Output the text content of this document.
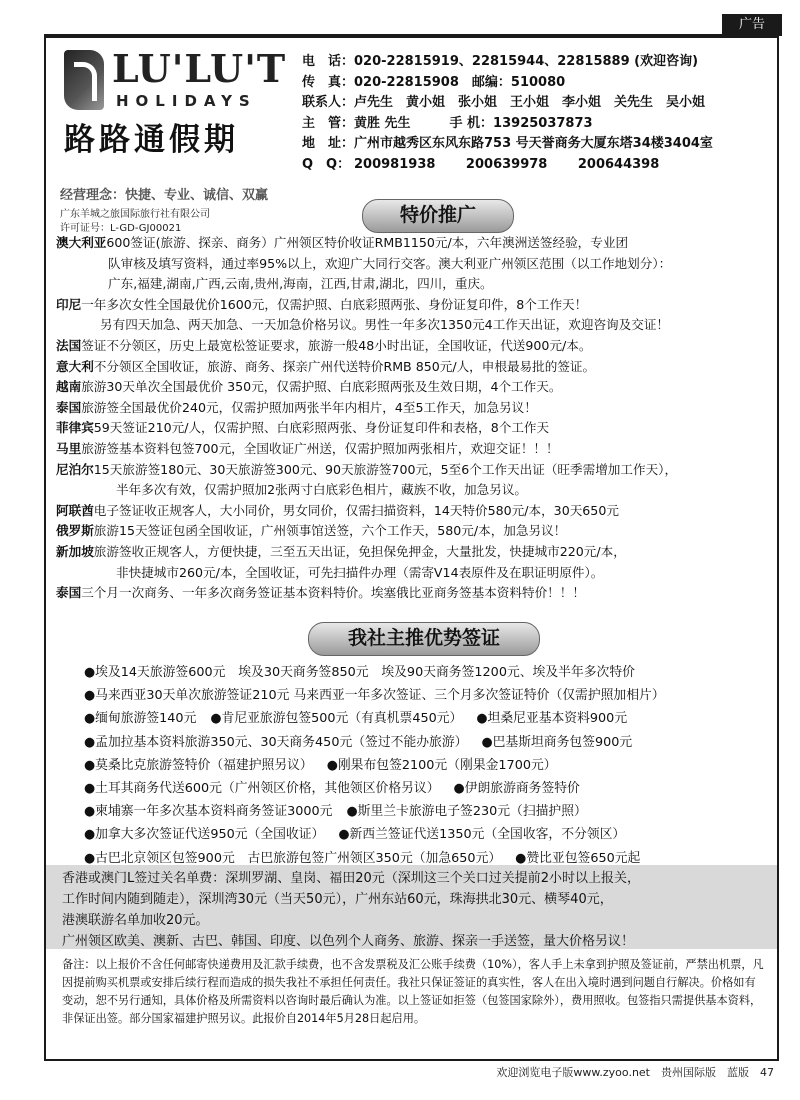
广告
LU'LU'T
HOLIDAYS
路路通假期
经营理念：快捷、专业、诚信、双赢
广东羊城之旅国际旅行社有限公司
许可证号：L-GD-GJ00021
电　话：020-22815919、22815944、22815889 (欢迎咨询)
传　真：020-22815908　邮编：510080
联系人：卢先生　黄小姐　张小姐　王小姐　李小姐　关先生　吴小姐
主　管：黄胜 先生　　　手 机：13925037873
地　址：广州市越秀区东风东路753 号天誉商务大厦东塔34楼3404室
Q　Q： 200981938　　 200639978　　 200644398
特价推广
澳大利亚600签证(旅游、探亲、商务）广州领区特价收证RMB1150元/本，六年澳洲送签经验，专业团
队审核及填写资料，通过率95%以上，欢迎广大同行交客。澳大利亚广州领区范围（以工作地划分）：
广东,福建,湖南,广西,云南,贵州,海南，江西,甘肃,湖北，四川，重庆。
印尼一年多次女性全国最优价1600元，仅需护照、白底彩照两张、身份证复印件，8个工作天！
另有四天加急、两天加急、一天加急价格另议。男性一年多次1350元4工作天出证，欢迎咨询及交证！
法国签证不分领区，历史上最宽松签证要求，旅游一般48小时出证，全国收证，代送900元/本。
意大利不分领区全国收证，旅游、商务、探亲广州代送特价RMB 850元/人，申根最易批的签证。
越南旅游30天单次全国最优价 350元，仅需护照、白底彩照两张及生效日期，4个工作天。
泰国旅游签全国最优价240元，仅需护照加两张半年内相片，4至5工作天，加急另议！
菲律宾59天签证210元/人，仅需护照、白底彩照两张、身份证复印件和表格，8个工作天
马里旅游签基本资料包签700元，全国收证广州送，仅需护照加两张相片，欢迎交证！！！
尼泊尔15天旅游签180元、30天旅游签300元、90天旅游签700元，5至6个工作天出证（旺季需增加工作天），
半年多次有效，仅需护照加2张两寸白底彩色相片，藏族不收，加急另议。
阿联酋电子签证收正规客人，大小同价，男女同价，仅需扫描资料，14天特价580元/本，30天650元
俄罗斯旅游15天签证包函全国收证，广州领事馆送签，六个工作天，580元/本，加急另议！
新加坡旅游签收正规客人，方便快捷，三至五天出证，免担保免押金，大量批发，快捷城市220元/本，
非快捷城市260元/本，全国收证，可先扫描件办理（需寄V14表原件及在职证明原件）。
泰国三个月一次商务、一年多次商务签证基本资料特价。埃塞俄比亚商务签基本资料特价！！！
我社主推优势签证
●埃及14天旅游签600元　埃及30天商务签850元　埃及90天商务签1200元、埃及半年多次特价
●马来西亚30天单次旅游签证210元 马来西亚一年多次签证、三个月多次签证特价（仅需护照加相片）
●缅甸旅游签140元 ●肯尼亚旅游包签500元（有真机票450元） ●坦桑尼亚基本资料900元
●孟加拉基本资料旅游350元、30天商务450元（签过不能办旅游） ●巴基斯坦商务包签900元
●莫桑比克旅游签特价（福建护照另议） ●刚果布包签2100元（刚果金1700元）
●土耳其商务代送600元（广州领区价格，其他领区价格另议） ●伊朗旅游商务签特价
●柬埔寨一年多次基本资料商务签证3000元 ●斯里兰卡旅游电子签230元（扫描护照）
●加拿大多次签证代送950元（全国收证） ●新西兰签证代送1350元（全国收客，不分领区）
●古巴北京领区包签900元　古巴旅游包签广州领区350元（加急650元） ●赞比亚包签650元起
香港或澳门L签过关名单费：深圳罗湖、皇岗、福田20元（深圳这三个关口过关提前2小时以上报关，
工作时间内随到随走），深圳湾30元（当天50元），广州东站60元，珠海拱北30元、横琴40元，
港澳联游名单加收20元。
广州领区欧美、澳新、古巴、韩国、印度、以色列个人商务、旅游、探亲一手送签，量大价格另议！
备注：以上报价不含任何邮寄快递费用及汇款手续费，也不含发票税及汇公账手续费（10%），客人手上未拿到护照及签证前，严禁出机票，凡因提前购买机票或安排后续行程而造成的损失我社不承担任何责任。我社只保证签证的真实性，客人在出入境时遇到问题自行解决。价格如有变动，恕不另行通知，具体价格及所需资料以咨询时最后确认为准。以上签证如拒签（包签国家除外），费用照收。包签指只需提供基本资料，非保证出签。部分国家福建护照另议。此报价自2014年5月28日起启用。
欢迎浏览电子版www.zyoo.net　贵州国际版　蓝版　47
